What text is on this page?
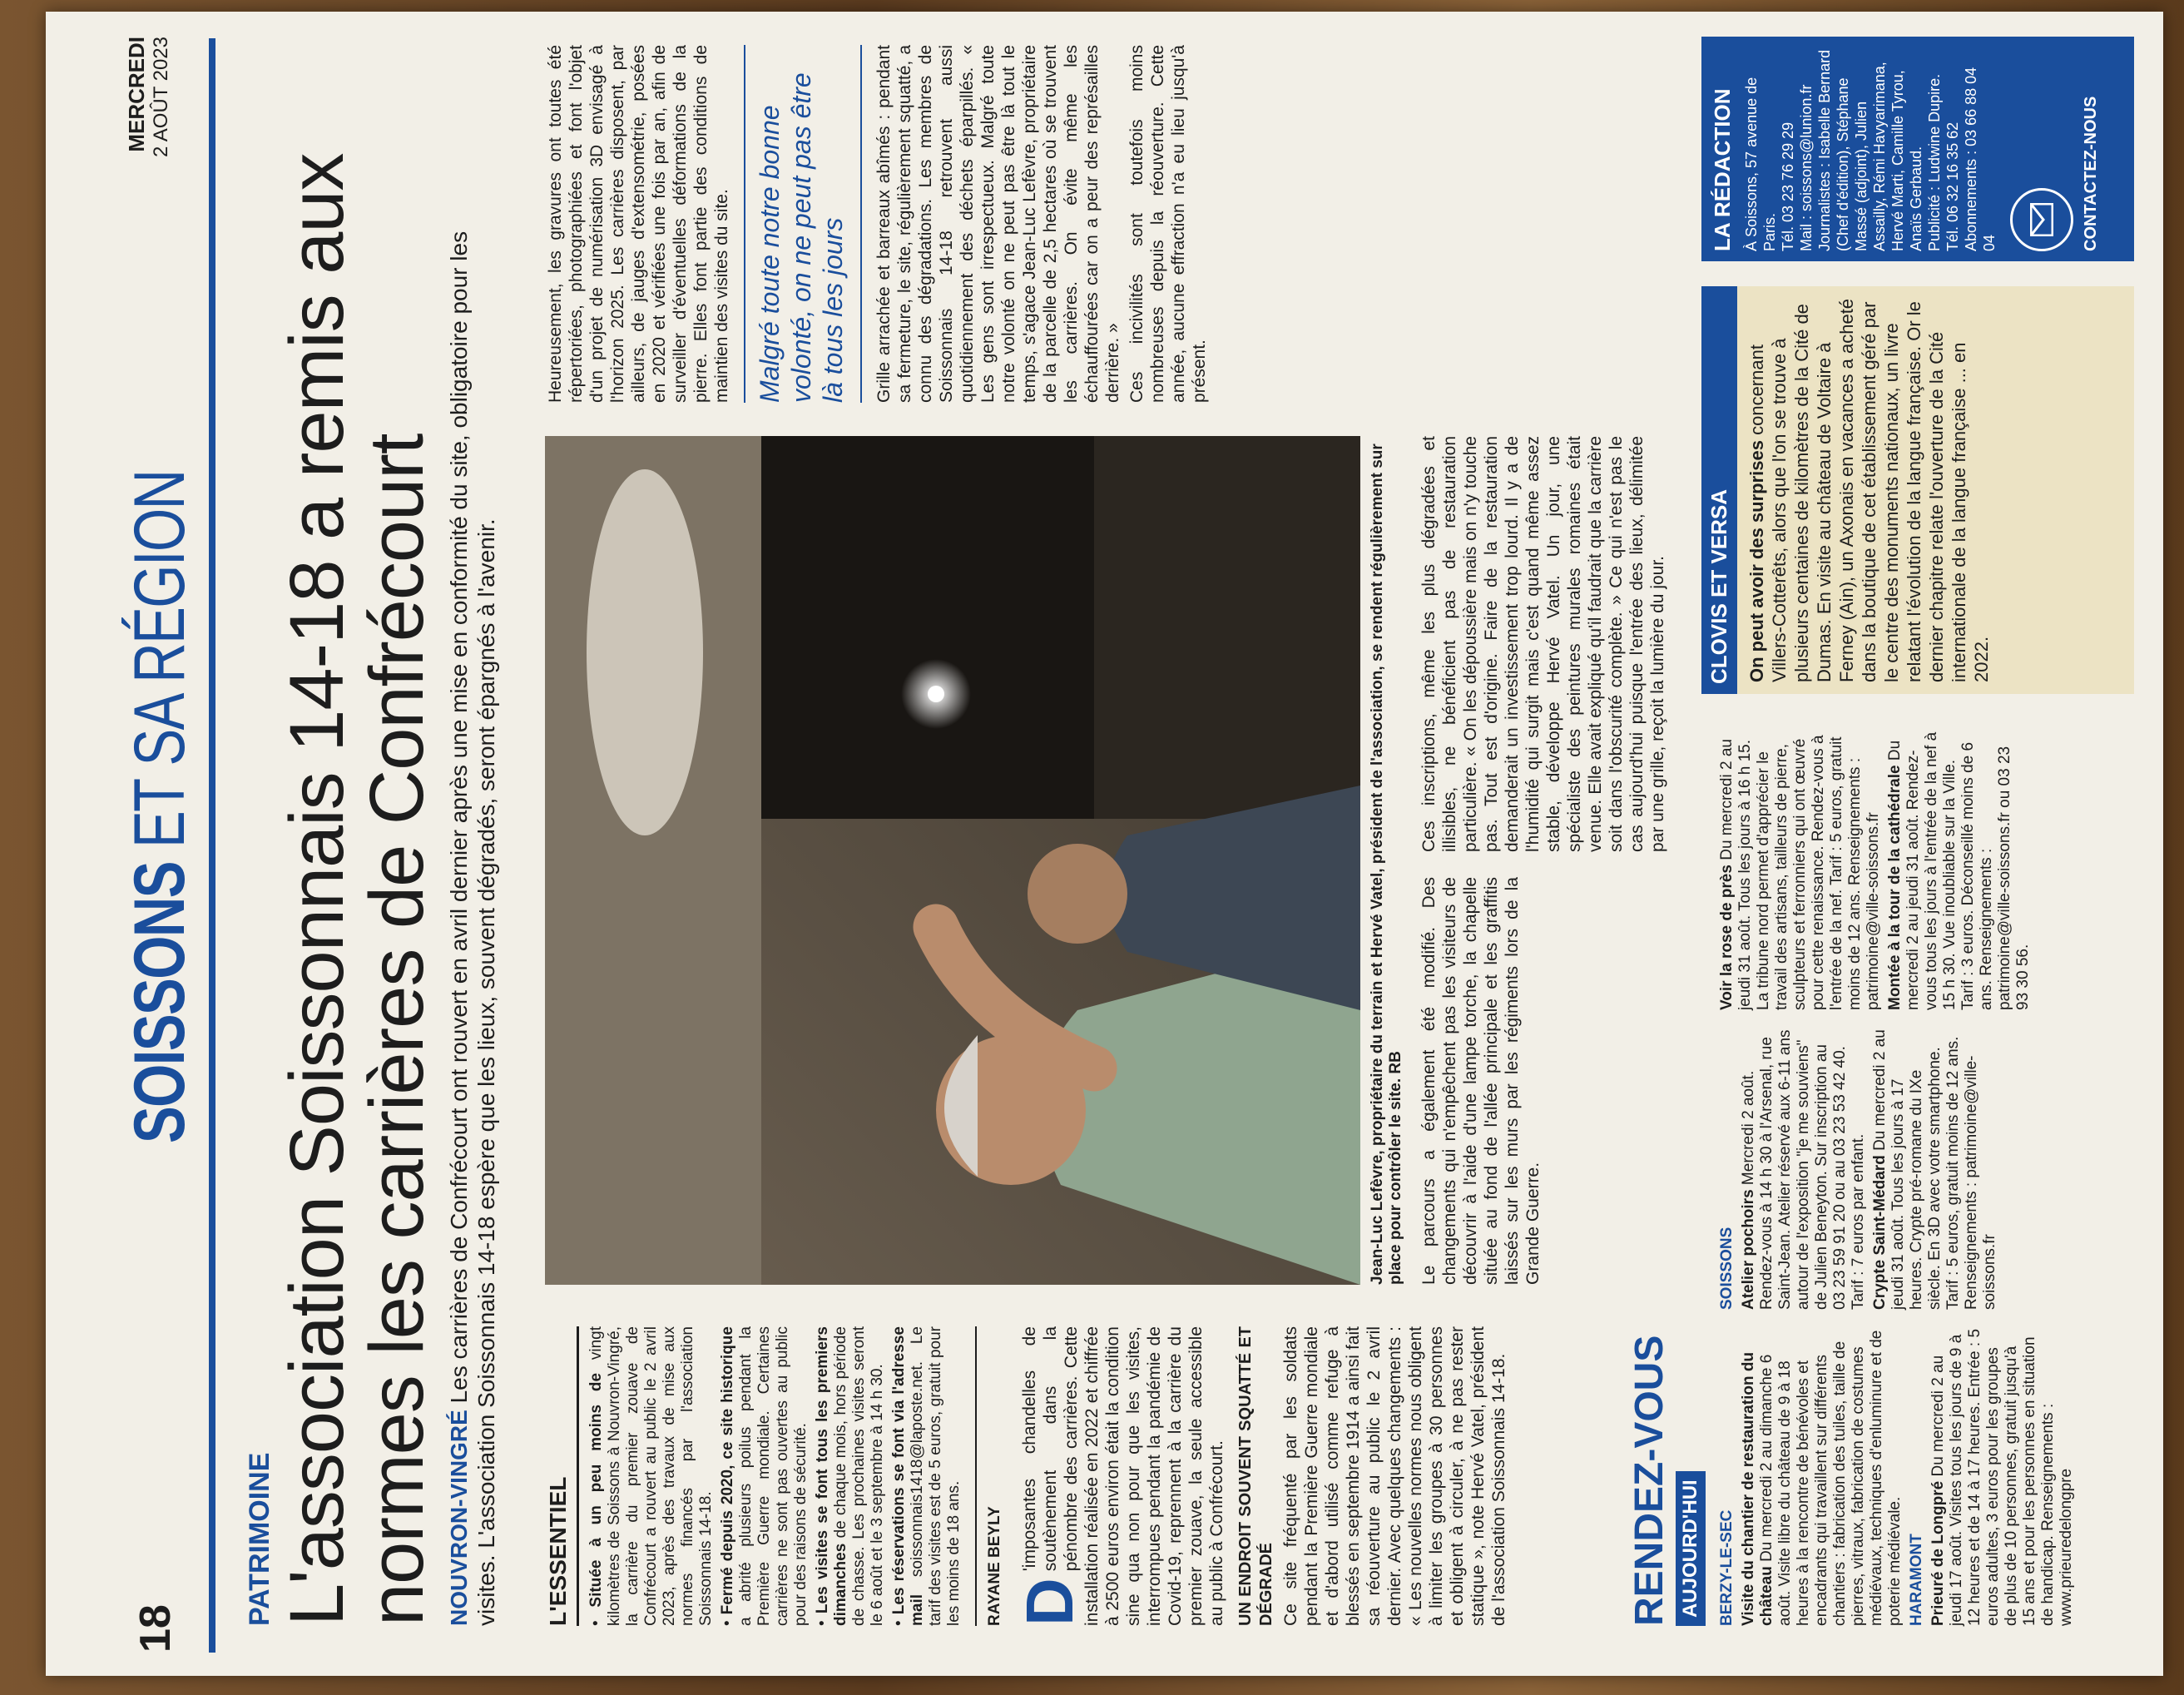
18
SOISSONS ET SA RÉGION
MERCREDI 2 AOÛT 2023
PATRIMOINE L'association Soissonnais 14-18 a remis aux normes les carrières de Confrécourt NOUVRON-VINGRÉ Les carrières de Confrécourt ont rouvert en avril dernier après une mise en conformité du site, obligatoire pour les visites. L'association Soissonnais 14-18 espère que les lieux, souvent dégradés, seront épargnés à l'avenir. L'ESSENTIEL	• Située à un peu moins de vingt kilomètres de Soissons à Nouvron-Vingré, la carrière du premier zouave de Confrécourt a rouvert au public le 2 avril 2023, après des travaux de mise aux normes financés par l'association Soissonnais 14-18. • Fermé depuis 2020, ce site historique a abrité plusieurs poilus pendant la Première Guerre mondiale. Certaines carrières ne sont pas ouvertes au public pour des raisons de sécurité. • Les visites se font tous les premiers dimanches de chaque mois, hors période de chasse. Les prochaines visites seront le 6 août et le 3 septembre à 14 h 30. • Les réservations se font via l'adresse mail soissonnais1418@laposte.net. Le tarif des visites est de 5 euros, gratuit pour les moins de 18 ans.

Jean-Luc Lefèvre, propriétaire du terrain et Hervé Vatel, président de l'association, se rendent régulièrement sur place pour contrôler le site. RB
RAYANE BEYLY D
'imposantes chandelles de soutènement dans la pénombre des carrières. Cette installation réalisée en 2022 et chiffrée à 2500 euros environ était la condition sine qua non pour que les visites, interrompues pendant la pandémie de Covid-19, reprennent à la carrière du premier zouave, la seule accessible au public à Confrécourt. UN ENDROIT SOUVENT SQUATTÉ ET DÉGRADÉ Ce site fréquenté par les soldats pendant la Première Guerre mondiale et d'abord utilisé comme refuge à blessés en septembre 1914 a ainsi fait sa réouverture au public le 2 avril dernier. Avec quelques changements : « Les nouvelles normes nous obligent à limiter les groupes à 30 personnes et obligent à circuler, à ne pas rester statique », note Hervé Vatel, président de l'association Soissonnais 14-18.

Le parcours a également été modifié. Des changements qui n'empêchent pas les visiteurs de découvrir à l'aide d'une lampe torche, la chapelle située au fond de l'allée principale et les graffitis laissés sur les murs par les régiments lors de la Grande Guerre.

Ces inscriptions, même les plus dégradées et illisibles, ne bénéficient pas de restauration particulière. « On les dépoussière mais on n'y touche pas. Tout est d'origine. Faire de la restauration demanderait un investissement trop lourd. Il y a de l'humidité qui surgit mais c'est quand même assez stable, développe Hervé Vatel. Un jour, une spécialiste des peintures murales romaines était venue. Elle avait expliqué qu'il faudrait que la carrière soit dans l'obscurité complète. » Ce qui n'est pas le cas aujourd'hui puisque l'entrée des lieux, délimitée par une grille, reçoit la lumière du jour.

Heureusement, les gravures ont toutes été répertoriées, photographiées et font l'objet d'un projet de numérisation 3D envisagé à l'horizon 2025. Les carrières disposent, par ailleurs, de jauges d'extensométrie, posées en 2020 et vérifiées une fois par an, afin de surveiller d'éventuelles déformations de la pierre. Elles font partie des conditions de maintien des visites du site. Malgré toute notre bonne volonté, on ne peut pas être là tous les jours Grille arrachée et barreaux abîmés : pendant sa fermeture, le site, régulièrement squatté, a connu des dégradations. Les membres de Soissonnais 14-18 retrouvent aussi quotidiennement des déchets éparpillés. « Les gens sont irrespectueux. Malgré toute notre volonté on ne peut pas être là tout le temps, s'agace Jean-Luc Lefèvre, propriétaire de la parcelle de 2,5 hectares où se trouvent les carrières. On évite même les échauffourées car on a peur des représailles derrière. » Ces incivilités sont toutefois moins nombreuses depuis la réouverture. Cette année, aucune effraction n'a eu lieu jusqu'à présent.

RENDEZ-VOUS AUJOURD'HUI BERZY-LE-SEC Visite du chantier de restauration du château Du mercredi 2 au dimanche 6 août. Visite libre du château de 9 à 18 heures à la rencontre de bénévoles et encadrants qui travaillent sur différents chantiers : fabrication des tuiles, taille de pierres, vitraux, fabrication de costumes médiévaux, techniques d'enluminure et de poterie médiévale. HARAMONT Prieuré de Longpré Du mercredi 2 au jeudi 17 août. Visites tous les jours de 9 à 12 heures et de 14 à 17 heures. Entrée : 5 euros adultes, 3 euros pour les groupes de plus de 10 personnes, gratuit jusqu'à 15 ans et pour les personnes en situation de handicap. Renseignements : www.prieuredelongpre

SOISSONS Atelier pochoirs Mercredi 2 août. Rendez-vous à 14 h 30 à l'Arsenal, rue Saint-Jean. Atelier réservé aux 6-11 ans autour de l'exposition "je me souviens" de Julien Beneyton. Sur inscription au 03 23 59 91 20 ou au 03 23 53 42 40. Tarif : 7 euros par enfant. Crypte Saint-Médard Du mercredi 2 au jeudi 31 août. Tous les jours à 17 heures. Crypte pré-romane du IXe siècle. En 3D avec votre smartphone. Tarif : 5 euros, gratuit moins de 12 ans. Renseignements : patrimoine@ville-soissons.fr

Voir la rose de près Du mercredi 2 au jeudi 31 août. Tous les jours à 16 h 15. La tribune nord permet d'apprécier le travail des artisans, tailleurs de pierre, sculpteurs et ferronniers qui ont œuvré pour cette renaissance. Rendez-vous à l'entrée de la nef. Tarif : 5 euros, gratuit moins de 12 ans. Renseignements : patrimoine@ville-soissons.fr Montée à la tour de la cathédrale Du mercredi 2 au jeudi 31 août. Rendez-vous tous les jours à l'entrée de la nef à 15 h 30. Vue inoubliable sur la Ville. Tarif : 3 euros. Déconseillé moins de 6 ans. Renseignements : patrimoine@ville-soissons.fr ou 03 23 93 30 56.

CLOVIS ET VERSA On peut avoir des surprises concernant Villers-Cotterêts, alors que l'on se trouve à plusieurs centaines de kilomètres de la Cité de Dumas. En visite au château de Voltaire à Ferney (Ain), un Axonais en vacances a acheté dans la boutique de cet établissement géré par le centre des monuments nationaux, un livre relatant l'évolution de la langue française. Or le dernier chapitre relate l'ouverture de la Cité internationale de la langue française ... en 2022.

LA RÉDACTION À Soissons, 57 avenue de Paris. Tél. 03 23 76 29 29 Mail : soissons@lunion.fr Journalistes : Isabelle Bernard (Chef d'édition), Stéphane Massé (adjoint), Julien Assailly, Rémi Havyarimana, Hervé Marti, Camille Tyrou, Anaïs Gerbaud. Publicité : Ludwine Dupire. Tél. 06 32 16 35 62 Abonnements : 03 66 88 04 04	CONTACTEZ-NOUS
